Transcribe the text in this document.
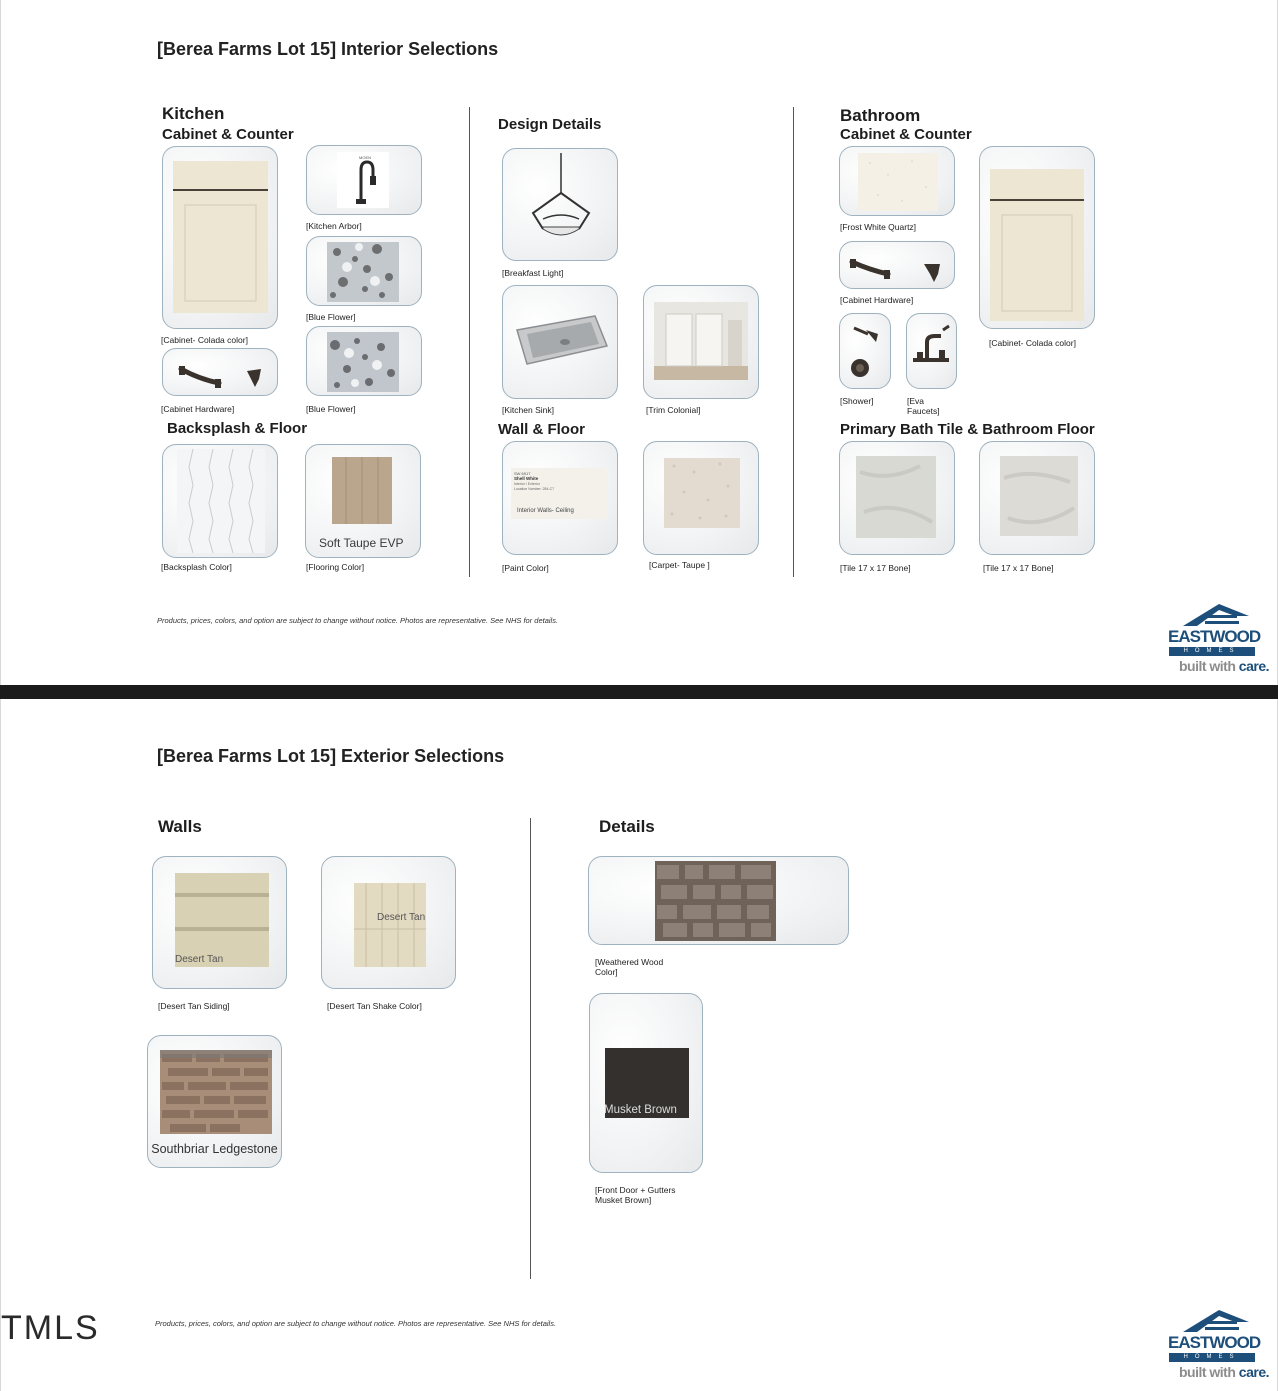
[Berea Farms Lot 15] Interior Selections
Kitchen
Cabinet & Counter
[Cabinet- Colada color]
MOEN
[Kitchen Arbor]
[Blue Flower]
[Cabinet Hardware]	[Blue Flower]
Backsplash & Floor
[Backsplash Color]
Soft Taupe EVP
[Flooring Color]
Design Details
[Breakfast Light]
[Kitchen Sink]	[Trim Colonial]
Wall & Floor
SW 6917
Shell White
Interior / Exterior
Location Number: 254-C7
Interior Walls- Ceiling
[Paint Color]	[Carpet- Taupe ]
Bathroom
Cabinet & Counter
[Frost White Quartz]
[Cabinet Hardware]
[Shower]	[Eva
Faucets]
[Cabinet- Colada color]
Primary Bath Tile & Bathroom Floor
[Tile 17 x 17 Bone]	[Tile 17 x 17 Bone]
Products, prices, colors, and option are subject to change without notice. Photos are representative. See NHS for details.
EASTWOOD
HOMES
built with care.
[Berea Farms Lot 15] Exterior Selections
Walls
Desert Tan
[Desert Tan Siding]
Desert Tan
[Desert Tan Shake Color]
Southbriar Ledgestone
Details
[Weathered Wood
Color]
Musket Brown
[Front Door + Gutters
Musket Brown]
Products, prices, colors, and option are subject to change without notice. Photos are representative. See NHS for details.
TMLS	EASTWOOD
HOMES
built with care.
